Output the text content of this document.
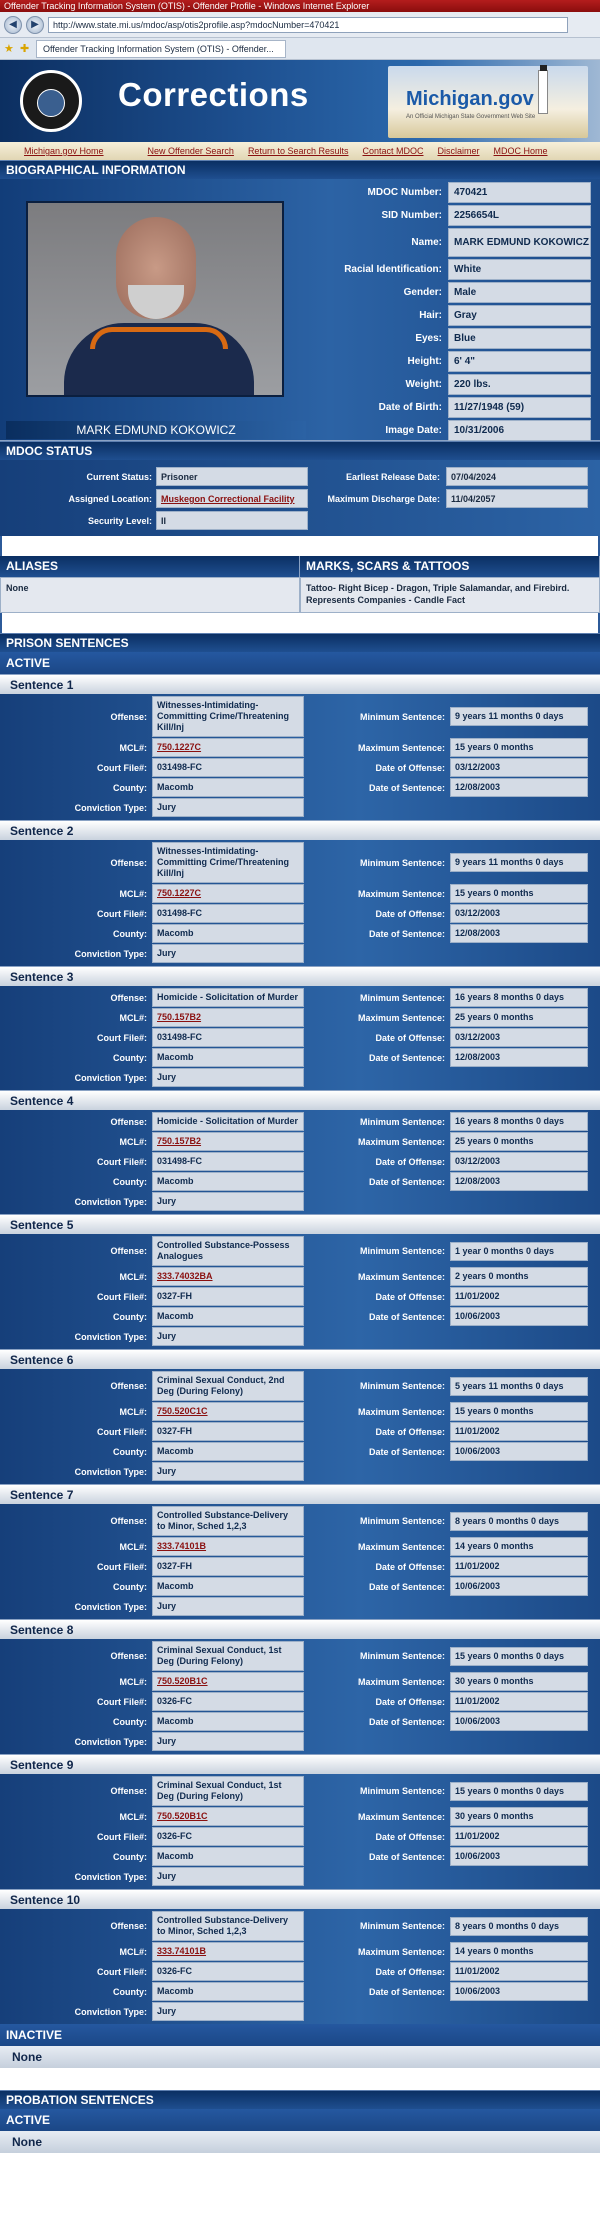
Offender Tracking Information System (OTIS) - Offender Profile - Windows Internet Explorer
◀	▶	http://www.state.mi.us/mdoc/asp/otis2profile.asp?mdocNumber=470421
★ ✚	Offender Tracking Information System (OTIS) - Offender...
Corrections	Michigan.gov
An Official Michigan State Government Web Site
Michigan.gov Home	New Offender Search Return to Search Results Contact MDOC Disclaimer MDOC Home
BIOGRAPHICAL INFORMATION
MARK EDMUND KOKOWICZ
MDOC Number:	470421
SID Number:	2256654L
Name:	MARK EDMUND KOKOWICZ
Racial Identification:	White
Gender:	Male
Hair:	Gray
Eyes:	Blue
Height:	6' 4"
Weight:	220 lbs.
Date of Birth:	11/27/1948 (59)
Image Date:	10/31/2006
MDOC STATUS
Current Status:	Prisoner	Earliest Release Date:	07/04/2024
Assigned Location:	Muskegon Correctional Facility	Maximum Discharge Date:	11/04/2057
Security Level:	II
ALIASES	MARKS, SCARS & TATTOOS
None	Tattoo- Right Bicep - Dragon, Triple Salamandar, and Firebird. Represents Companies - Candle Fact
PRISON SENTENCES
ACTIVE
Sentence 1
Offense:
Witnesses-Intimidating-Committing Crime/Threatening Kill/Inj
Minimum Sentence:	9 years 11 months 0 days
MCL#:	750.1227C	Maximum Sentence:	15 years 0 months
Court File#:	031498-FC	Date of Offense:	03/12/2003
County:	Macomb	Date of Sentence:	12/08/2003
Conviction Type:	Jury
Sentence 2
Offense:
Witnesses-Intimidating-Committing Crime/Threatening Kill/Inj
Minimum Sentence:	9 years 11 months 0 days
MCL#:	750.1227C	Maximum Sentence:	15 years 0 months
Court File#:	031498-FC	Date of Offense:	03/12/2003
County:	Macomb	Date of Sentence:	12/08/2003
Conviction Type:	Jury
Sentence 3
Offense:	Homicide - Solicitation of Murder	Minimum Sentence:	16 years 8 months 0 days
MCL#:	750.157B2	Maximum Sentence:	25 years 0 months
Court File#:	031498-FC	Date of Offense:	03/12/2003
County:	Macomb	Date of Sentence:	12/08/2003
Conviction Type:	Jury
Sentence 4
Offense:	Homicide - Solicitation of Murder	Minimum Sentence:	16 years 8 months 0 days
MCL#:	750.157B2	Maximum Sentence:	25 years 0 months
Court File#:	031498-FC	Date of Offense:	03/12/2003
County:	Macomb	Date of Sentence:	12/08/2003
Conviction Type:	Jury
Sentence 5
Offense:
Controlled Substance-Possess Analogues	Minimum Sentence:	1 year 0 months 0 days
MCL#:	333.74032BA	Maximum Sentence:	2 years 0 months
Court File#:	0327-FH	Date of Offense:	11/01/2002
County:	Macomb	Date of Sentence:	10/06/2003
Conviction Type:	Jury
Sentence 6
Offense:
Criminal Sexual Conduct, 2nd Deg (During Felony)	Minimum Sentence:	5 years 11 months 0 days
MCL#:	750.520C1C	Maximum Sentence:	15 years 0 months
Court File#:	0327-FH	Date of Offense:	11/01/2002
County:	Macomb	Date of Sentence:	10/06/2003
Conviction Type:	Jury
Sentence 7
Offense:
Controlled Substance-Delivery to Minor, Sched 1,2,3	Minimum Sentence:	8 years 0 months 0 days
MCL#:	333.74101B	Maximum Sentence:	14 years 0 months
Court File#:	0327-FH	Date of Offense:	11/01/2002
County:	Macomb	Date of Sentence:	10/06/2003
Conviction Type:	Jury
Sentence 8
Offense:
Criminal Sexual Conduct, 1st Deg (During Felony)	Minimum Sentence:	15 years 0 months 0 days
MCL#:	750.520B1C	Maximum Sentence:	30 years 0 months
Court File#:	0326-FC	Date of Offense:	11/01/2002
County:	Macomb	Date of Sentence:	10/06/2003
Conviction Type:	Jury
Sentence 9
Offense:
Criminal Sexual Conduct, 1st Deg (During Felony)	Minimum Sentence:	15 years 0 months 0 days
MCL#:	750.520B1C	Maximum Sentence:	30 years 0 months
Court File#:	0326-FC	Date of Offense:	11/01/2002
County:	Macomb	Date of Sentence:	10/06/2003
Conviction Type:	Jury
Sentence 10
Offense:
Controlled Substance-Delivery to Minor, Sched 1,2,3	Minimum Sentence:	8 years 0 months 0 days
MCL#:	333.74101B	Maximum Sentence:	14 years 0 months
Court File#:	0326-FC	Date of Offense:	11/01/2002
County:	Macomb	Date of Sentence:	10/06/2003
Conviction Type:	Jury
INACTIVE
None
PROBATION SENTENCES
ACTIVE
None
